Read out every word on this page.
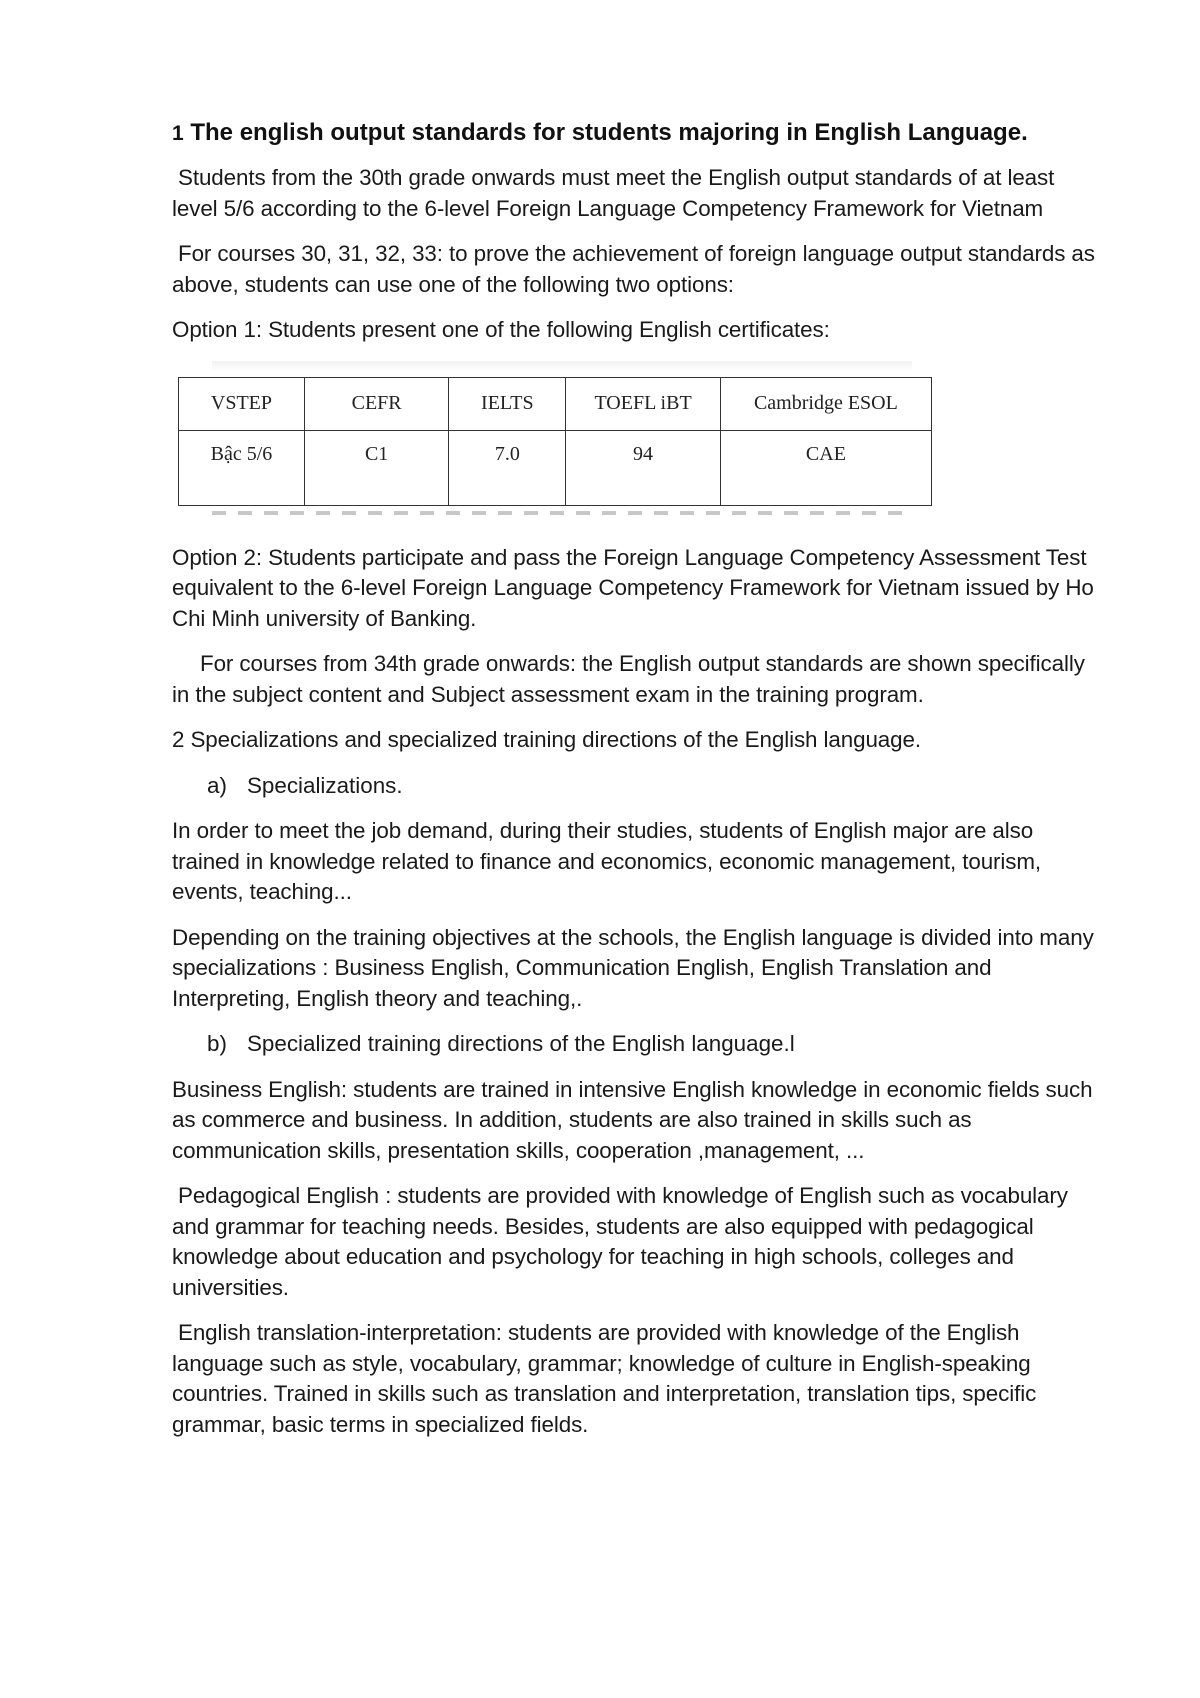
1 The english output standards for students majoring in English Language.

Students from the 30th grade onwards must meet the English output standards of at least level 5/6 according to the 6-level Foreign Language Competency Framework for Vietnam

For courses 30, 31, 32, 33: to prove the achievement of foreign language output standards as above, students can use one of the following two options:

Option 1: Students present one of the following English certificates:

VSTEP	CEFR	IELTS	TOEFL iBT	Cambridge ESOL
Bậc 5/6	C1	7.0	94	CAE

Option 2: Students participate and pass the Foreign Language Competency Assessment Test equivalent to the 6-level Foreign Language Competency Framework for Vietnam issued by Ho Chi Minh university of Banking.

For courses from 34th grade onwards: the English output standards are shown specifically in the subject content and Subject assessment exam in the training program.

2 Specializations and specialized training directions of the English language.

a) Specializations.

In order to meet the job demand, during their studies, students of English major are also trained in knowledge related to finance and economics, economic management, tourism, events, teaching...

Depending on the training objectives at the schools, the English language is divided into many specializations : Business English, Communication English, English Translation and Interpreting, English theory and teaching,.

b) Specialized training directions of the English language.l

Business English: students are trained in intensive English knowledge in economic fields such as commerce and business. In addition, students are also trained in skills such as communication skills, presentation skills, cooperation ,management, ...

Pedagogical English : students are provided with knowledge of English such as vocabulary and grammar for teaching needs. Besides, students are also equipped with pedagogical knowledge about education and psychology for teaching in high schools, colleges and universities.

English translation-interpretation: students are provided with knowledge of the English language such as style, vocabulary, grammar; knowledge of culture in English-speaking countries. Trained in skills such as translation and interpretation, translation tips, specific grammar, basic terms in specialized fields.
